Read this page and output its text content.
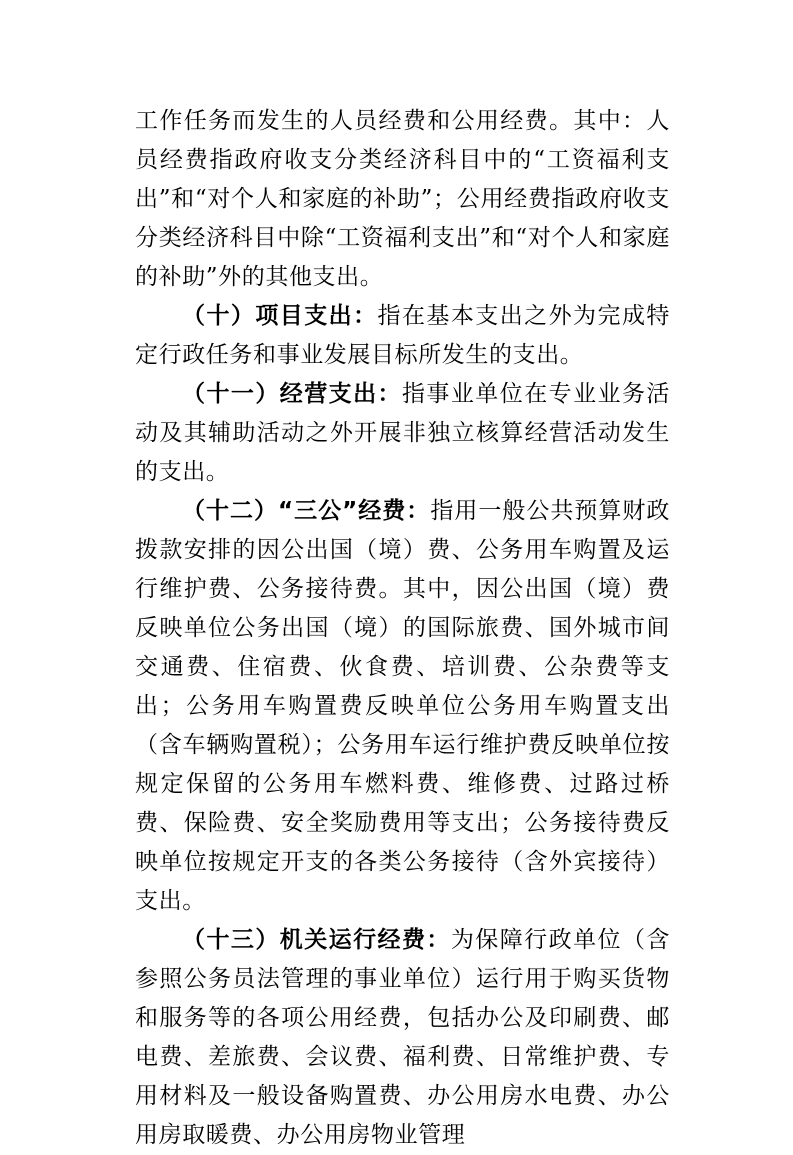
工作任务而发生的人员经费和公用经费。其中：人员经费指政府收支分类经济科目中的“工资福利支出”和“对个人和家庭的补助”；公用经费指政府收支分类经济科目中除“工资福利支出”和“对个人和家庭的补助”外的其他支出。

（十）项目支出：指在基本支出之外为完成特定行政任务和事业发展目标所发生的支出。

（十一）经营支出：指事业单位在专业业务活动及其辅助活动之外开展非独立核算经营活动发生的支出。

（十二）“三公”经费：指用一般公共预算财政拨款安排的因公出国（境）费、公务用车购置及运行维护费、公务接待费。其中，因公出国（境）费反映单位公务出国（境）的国际旅费、国外城市间交通费、住宿费、伙食费、培训费、公杂费等支出；公务用车购置费反映单位公务用车购置支出（含车辆购置税）；公务用车运行维护费反映单位按规定保留的公务用车燃料费、维修费、过路过桥费、保险费、安全奖励费用等支出；公务接待费反映单位按规定开支的各类公务接待（含外宾接待）支出。

（十三）机关运行经费：为保障行政单位（含参照公务员法管理的事业单位）运行用于购买货物和服务等的各项公用经费，包括办公及印刷费、邮电费、差旅费、会议费、福利费、日常维护费、专用材料及一般设备购置费、办公用房水电费、办公用房取暖费、办公用房物业管理
